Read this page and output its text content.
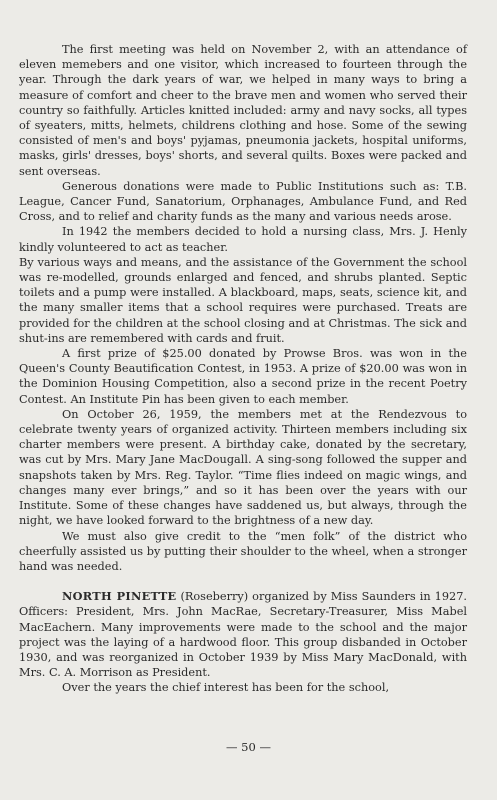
The first meeting was held on November 2, with an attendance of eleven memebers and one visitor, which increased to fourteen through the year. Through the dark years of war, we helped in many ways to bring a measure of comfort and cheer to the brave men and women who served their country so faithfully. Articles knitted included: army and navy socks, all types of syeaters, mitts, helmets, childrens clothing and hose. Some of the sewing consisted of men's and boys' pyjamas, pneumonia jackets, hospital uniforms, masks, girls' dresses, boys' shorts, and several quilts. Boxes were packed and sent overseas.

Generous donations were made to Public Institutions such as: T.B. League, Cancer Fund, Sanatorium, Orphanages, Ambulance Fund, and Red Cross, and to relief and charity funds as the many and various needs arose.

In 1942 the members decided to hold a nursing class, Mrs. J. Henly kindly volunteered to act as teacher.

By various ways and means, and the assistance of the Government the school was re-modelled, grounds enlarged and fenced, and shrubs planted. Septic toilets and a pump were installed. A blackboard, maps, seats, science kit, and the many smaller items that a school requires were purchased. Treats are provided for the children at the school closing and at Christmas. The sick and shut-ins are remembered with cards and fruit.

A first prize of $25.00 donated by Prowse Bros. was won in the Queen's County Beautification Contest, in 1953. A prize of $20.00 was won in the Dominion Housing Competition, also a second prize in the recent Poetry Contest. An Institute Pin has been given to each member.

On October 26, 1959, the members met at the Rendezvous to celebrate twenty years of organized activity. Thirteen members including six charter members were present. A birthday cake, donated by the secretary, was cut by Mrs. Mary Jane MacDougall. A sing-song followed the supper and snapshots taken by Mrs. Reg. Taylor. “Time flies indeed on magic wings, and changes many ever brings,” and so it has been over the years with our Institute. Some of these changes have saddened us, but always, through the night, we have looked forward to the brightness of a new day.

We must also give credit to the “men folk” of the district who cheerfully assisted us by putting their shoulder to the wheel, when a stronger hand was needed.

NORTH PINETTE (Roseberry) organized by Miss Saunders in 1927. Officers: President, Mrs. John MacRae, Secretary-Treasurer, Miss Mabel MacEachern. Many improvements were made to the school and the major project was the laying of a hardwood floor. This group disbanded in October 1930, and was reorganized in October 1939 by Miss Mary MacDonald, with Mrs. C. A. Morrison as President.

Over the years the chief interest has been for the school,

— 50 —
